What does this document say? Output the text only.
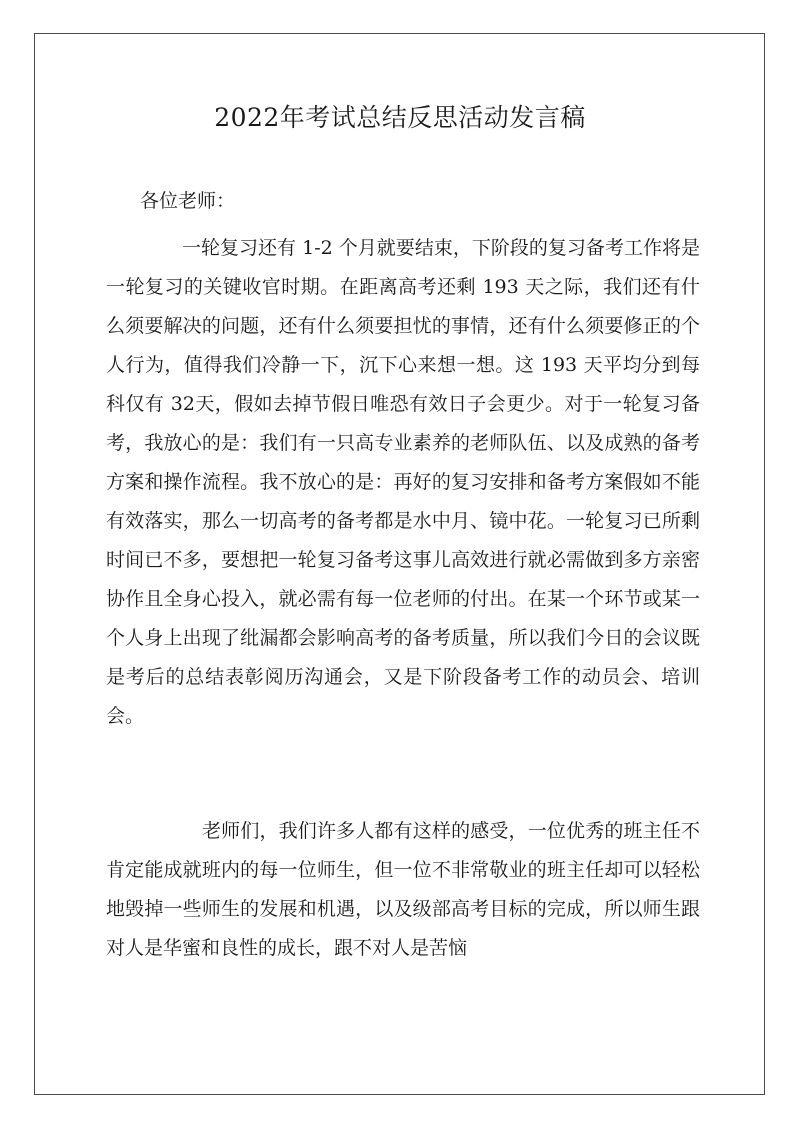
2022年考试总结反思活动发言稿

各位老师：

一轮复习还有 1-2 个月就要结束，下阶段的复习备考工作将是一轮复习的关键收官时期。在距离高考还剩 193 天之际，我们还有什么须要解决的问题，还有什么须要担忧的事情，还有什么须要修正的个人行为，值得我们冷静一下，沉下心来想一想。这 193 天平均分到每科仅有 32天，假如去掉节假日唯恐有效日子会更少。对于一轮复习备考，我放心的是：我们有一只高专业素养的老师队伍、以及成熟的备考方案和操作流程。我不放心的是：再好的复习安排和备考方案假如不能有效落实，那么一切高考的备考都是水中月、镜中花。一轮复习已所剩时间已不多，要想把一轮复习备考这事儿高效进行就必需做到多方亲密协作且全身心投入，就必需有每一位老师的付出。在某一个环节或某一个人身上出现了纰漏都会影响高考的备考质量，所以我们今日的会议既是考后的总结表彰阅历沟通会，又是下阶段备考工作的动员会、培训会。

老师们，我们许多人都有这样的感受，一位优秀的班主任不肯定能成就班内的每一位师生，但一位不非常敬业的班主任却可以轻松地毁掉一些师生的发展和机遇，以及级部高考目标的完成，所以师生跟对人是华蜜和良性的成长，跟不对人是苦恼
